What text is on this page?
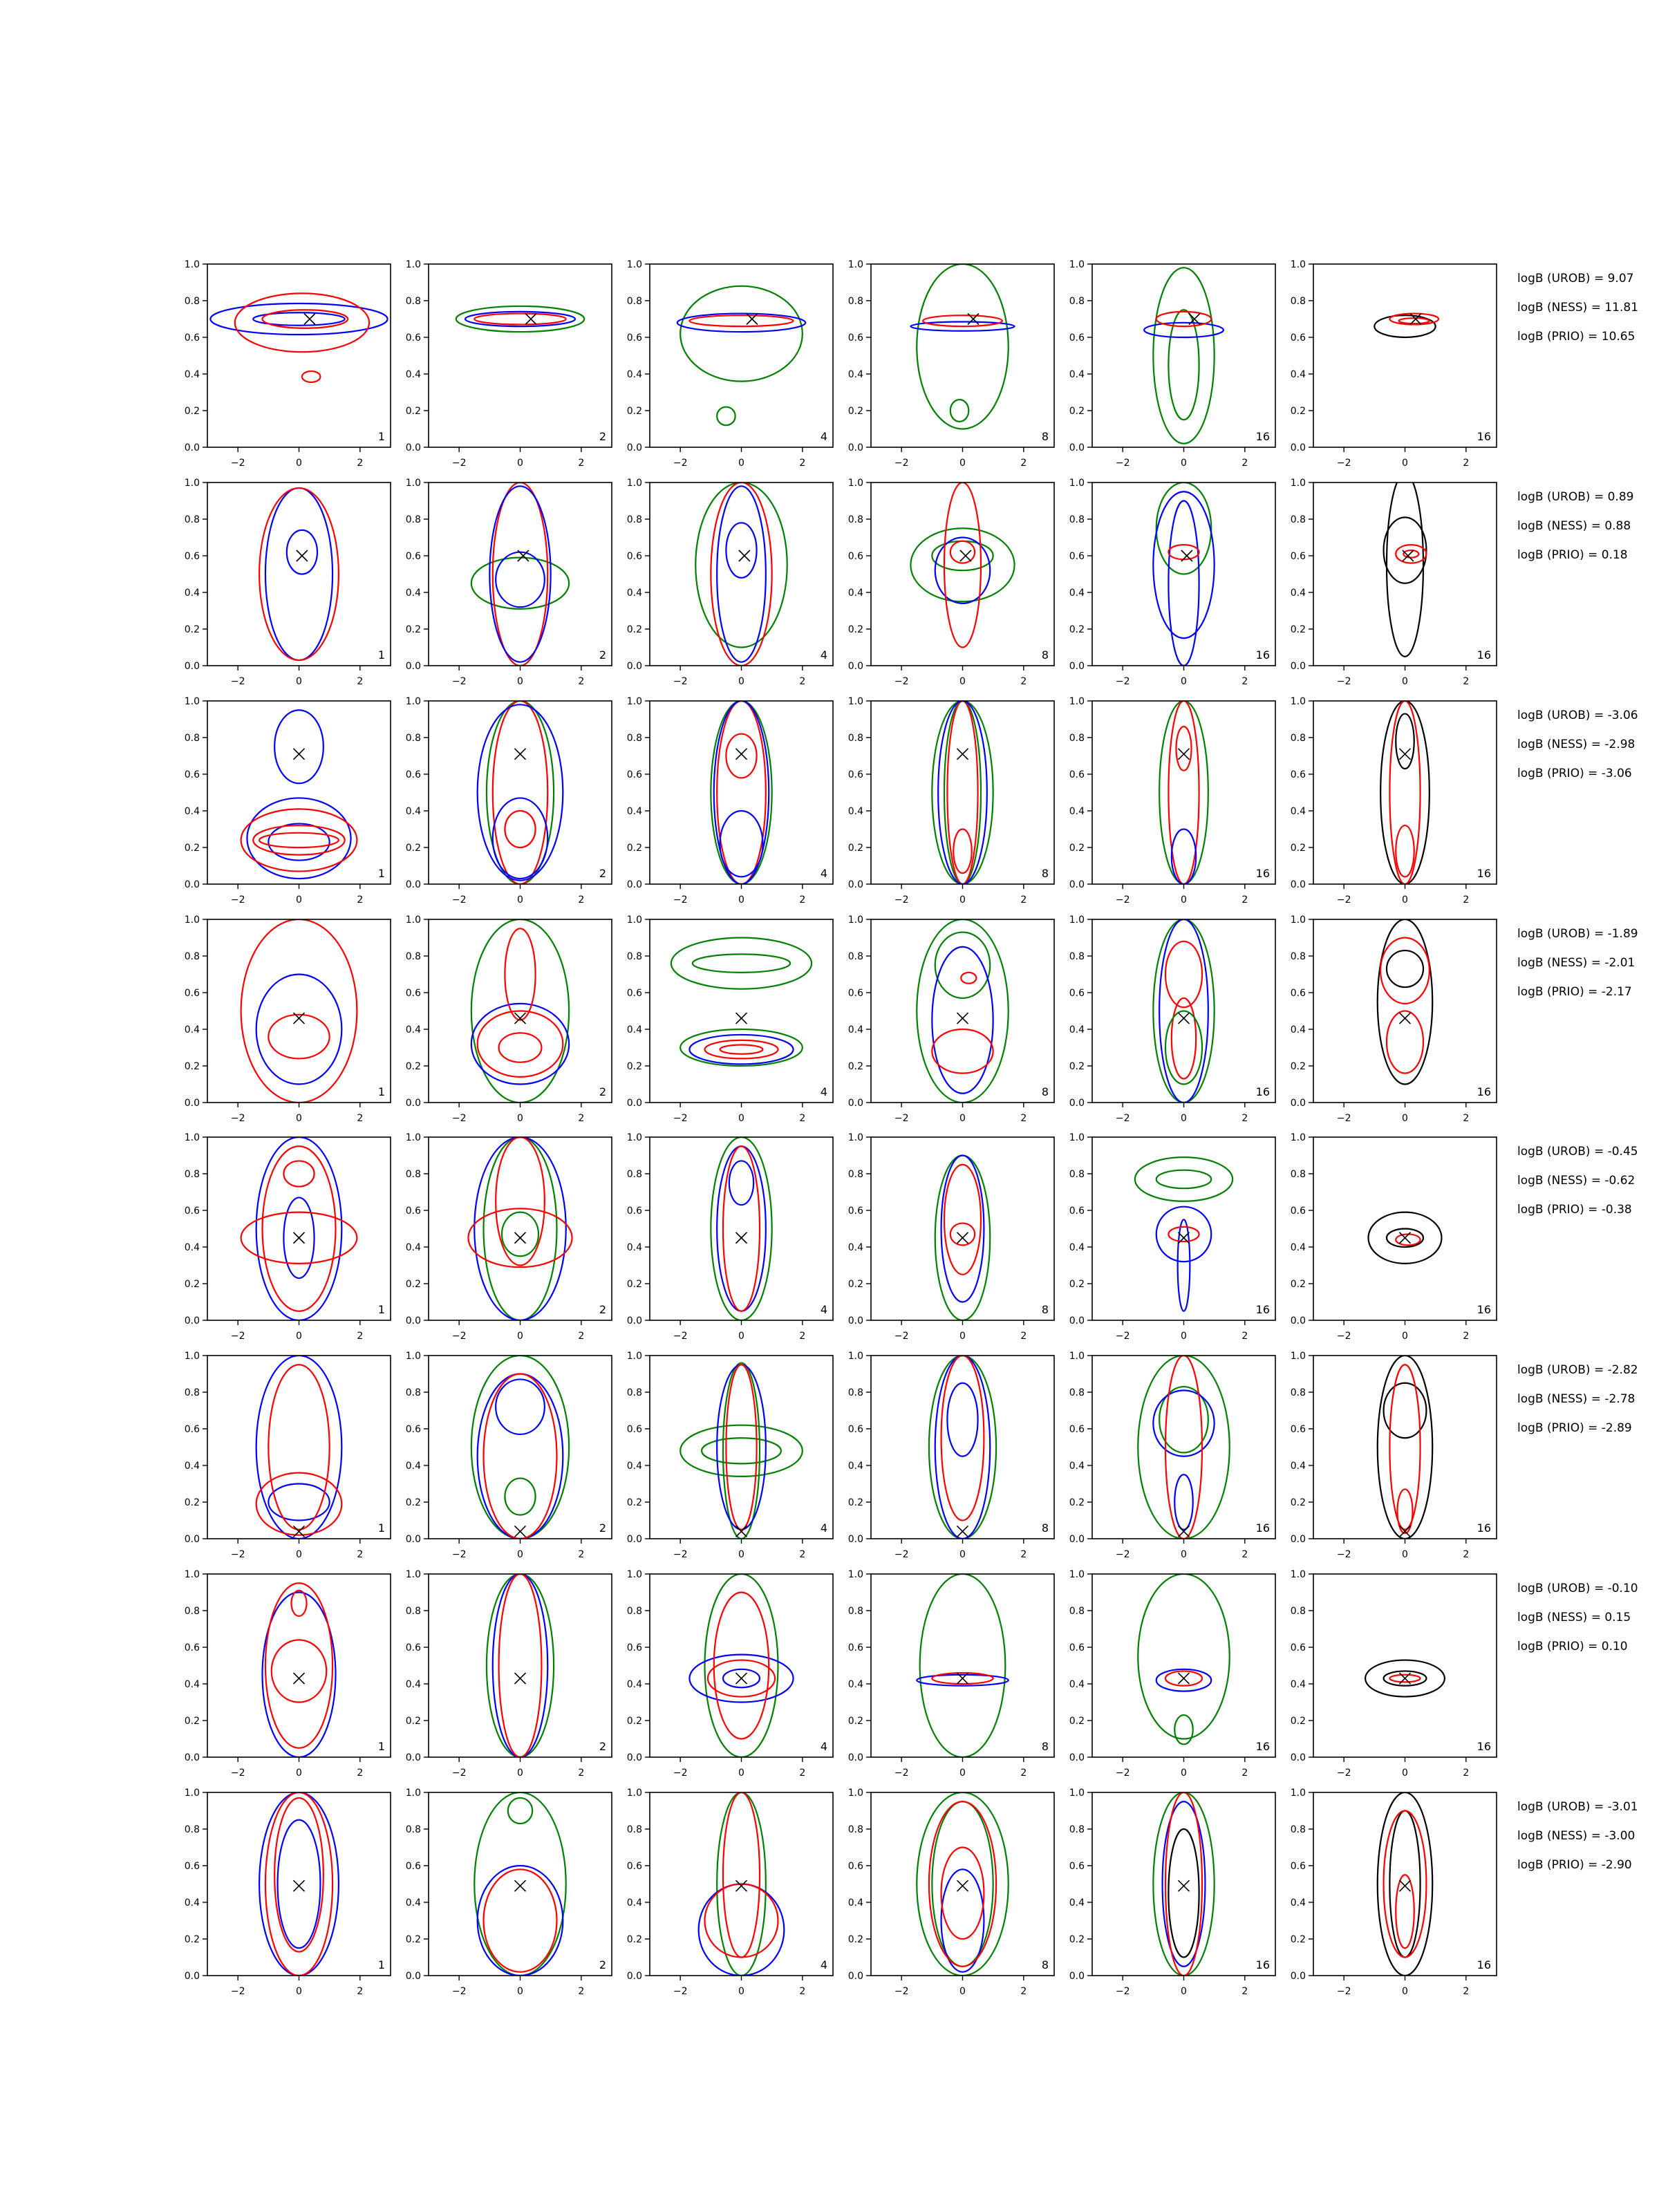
−2	0	2
0.0
0.2
0.4
0.6
0.8
1.0
1
−2	0	2
0.0
0.2
0.4
0.6
0.8
1.0
2
−2	0	2
0.0
0.2
0.4
0.6
0.8
1.0
4
−2	0	2
0.0
0.2
0.4
0.6
0.8
1.0
8
−2	0	2
0.0
0.2
0.4
0.6
0.8
1.0
16
−2	0	2
0.0
0.2
0.4
0.6
0.8
1.0
16
logB (UROB) = 9.07
logB (NESS) = 11.81
logB (PRIO) = 10.65
−2	0	2
0.0
0.2
0.4
0.6
0.8
1.0
1
−2	0	2
0.0
0.2
0.4
0.6
0.8
1.0
2
−2	0	2
0.0
0.2
0.4
0.6
0.8
1.0
4
−2	0	2
0.0
0.2
0.4
0.6
0.8
1.0
8
−2	0	2
0.0
0.2
0.4
0.6
0.8
1.0
16
−2	0	2
0.0
0.2
0.4
0.6
0.8
1.0
16
logB (UROB) = 0.89
logB (NESS) = 0.88
logB (PRIO) = 0.18
−2	0	2
0.0
0.2
0.4
0.6
0.8
1.0
1
−2	0	2
0.0
0.2
0.4
0.6
0.8
1.0
2
−2	0	2
0.0
0.2
0.4
0.6
0.8
1.0
4
−2	0	2
0.0
0.2
0.4
0.6
0.8
1.0
8
−2	0	2
0.0
0.2
0.4
0.6
0.8
1.0
16
−2	0	2
0.0
0.2
0.4
0.6
0.8
1.0
16
logB (UROB) = -3.06
logB (NESS) = -2.98
logB (PRIO) = -3.06
−2	0	2
0.0
0.2
0.4
0.6
0.8
1.0
1
−2	0	2
0.0
0.2
0.4
0.6
0.8
1.0
2
−2	0	2
0.0
0.2
0.4
0.6
0.8
1.0
4
−2	0	2
0.0
0.2
0.4
0.6
0.8
1.0
8
−2	0	2
0.0
0.2
0.4
0.6
0.8
1.0
16
−2	0	2
0.0
0.2
0.4
0.6
0.8
1.0
16
logB (UROB) = -1.89
logB (NESS) = -2.01
logB (PRIO) = -2.17
−2	0	2
0.0
0.2
0.4
0.6
0.8
1.0
1
−2	0	2
0.0
0.2
0.4
0.6
0.8
1.0
2
−2	0	2
0.0
0.2
0.4
0.6
0.8
1.0
4
−2	0	2
0.0
0.2
0.4
0.6
0.8
1.0
8
−2	0	2
0.0
0.2
0.4
0.6
0.8
1.0
16
−2	0	2
0.0
0.2
0.4
0.6
0.8
1.0
16
logB (UROB) = -0.45
logB (NESS) = -0.62
logB (PRIO) = -0.38
−2	0	2
0.0
0.2
0.4
0.6
0.8
1.0
1
−2	0	2
0.0
0.2
0.4
0.6
0.8
1.0
2
−2	0	2
0.0
0.2
0.4
0.6
0.8
1.0
4
−2	0	2
0.0
0.2
0.4
0.6
0.8
1.0
8
−2	0	2
0.0
0.2
0.4
0.6
0.8
1.0
16
−2	0	2
0.0
0.2
0.4
0.6
0.8
1.0
16
logB (UROB) = -2.82
logB (NESS) = -2.78
logB (PRIO) = -2.89
−2	0	2
0.0
0.2
0.4
0.6
0.8
1.0
1
−2	0	2
0.0
0.2
0.4
0.6
0.8
1.0
2
−2	0	2
0.0
0.2
0.4
0.6
0.8
1.0
4
−2	0	2
0.0
0.2
0.4
0.6
0.8
1.0
8
−2	0	2
0.0
0.2
0.4
0.6
0.8
1.0
16
−2	0	2
0.0
0.2
0.4
0.6
0.8
1.0
16
logB (UROB) = -0.10
logB (NESS) = 0.15
logB (PRIO) = 0.10
−2	0	2
0.0
0.2
0.4
0.6
0.8
1.0
1
−2	0	2
0.0
0.2
0.4
0.6
0.8
1.0
2
−2	0	2
0.0
0.2
0.4
0.6
0.8
1.0
4
−2	0	2
0.0
0.2
0.4
0.6
0.8
1.0
8
−2	0	2
0.0
0.2
0.4
0.6
0.8
1.0
16
−2	0	2
0.0
0.2
0.4
0.6
0.8
1.0
16
logB (UROB) = -3.01
logB (NESS) = -3.00
logB (PRIO) = -2.90
